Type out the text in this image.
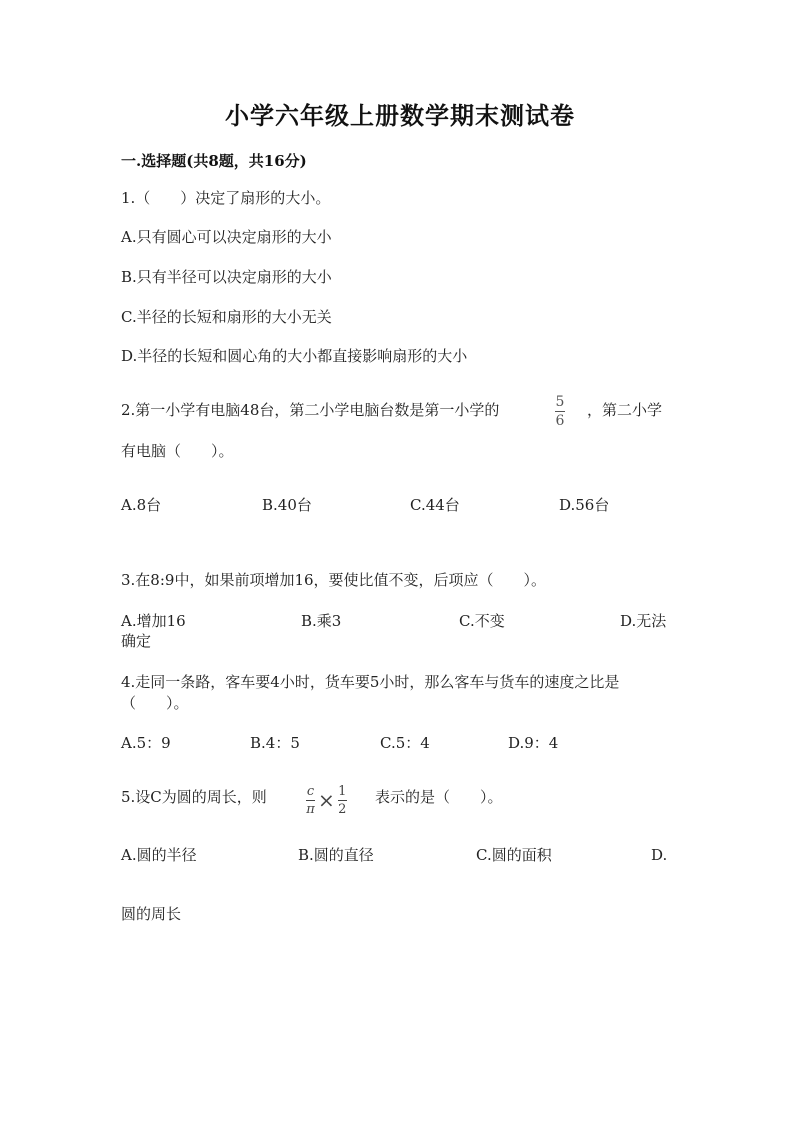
小学六年级上册数学期末测试卷
一.选择题(共8题，共16分)
1.（　　）决定了扇形的大小。
A.只有圆心可以决定扇形的大小
B.只有半径可以决定扇形的大小
C.半径的长短和扇形的大小无关
D.半径的长短和圆心角的大小都直接影响扇形的大小
2.第一小学有电脑48台，第二小学电脑台数是第一小学的	5
6
，第二小学
有电脑（　　）。
A.8台	B.40台	C.44台	D.56台
3.在8:9中，如果前项增加16，要使比值不变，后项应（　　）。
A.增加16	B.乘3	C.不变	D.无法
确定
4.走同一条路，客车要4小时，货车要5小时，那么客车与货车的速度之比是
（　　）。
A.5：9	B.4：5	C.5：4	D.9：4
5.设C为圆的周长，则	c
π × 1
2
表示的是（　　）。
A.圆的半径	B.圆的直径	C.圆的面积	D.
圆的周长
